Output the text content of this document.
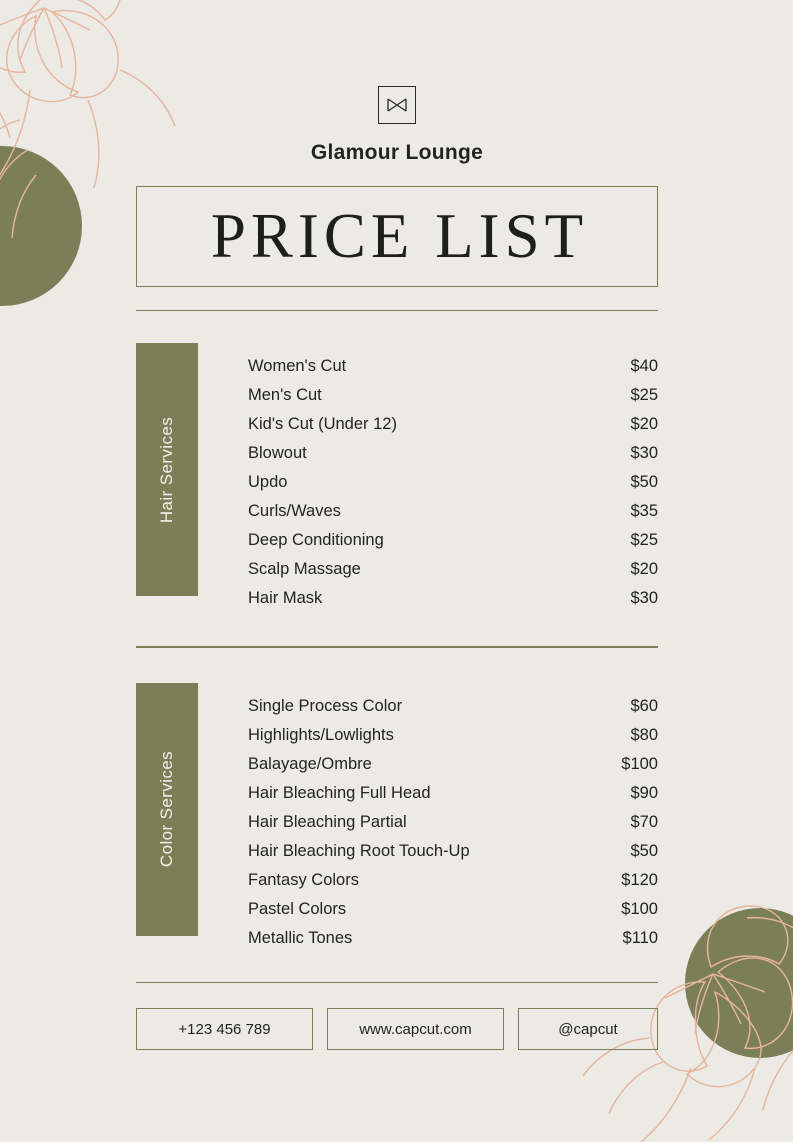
Glamour Lounge
PRICE LIST
Hair Services
Women's Cut	$40
Men's Cut	$25
Kid's Cut (Under 12)	$20
Blowout	$30
Updo	$50
Curls/Waves	$35
Deep Conditioning	$25
Scalp Massage	$20
Hair Mask	$30
Color Services
Single Process Color	$60
Highlights/Lowlights	$80
Balayage/Ombre	$100
Hair Bleaching Full Head	$90
Hair Bleaching Partial	$70
Hair Bleaching Root Touch-Up	$50
Fantasy Colors	$120
Pastel Colors	$100
Metallic Tones	$110
+123 456 789	www.capcut.com	@capcut
